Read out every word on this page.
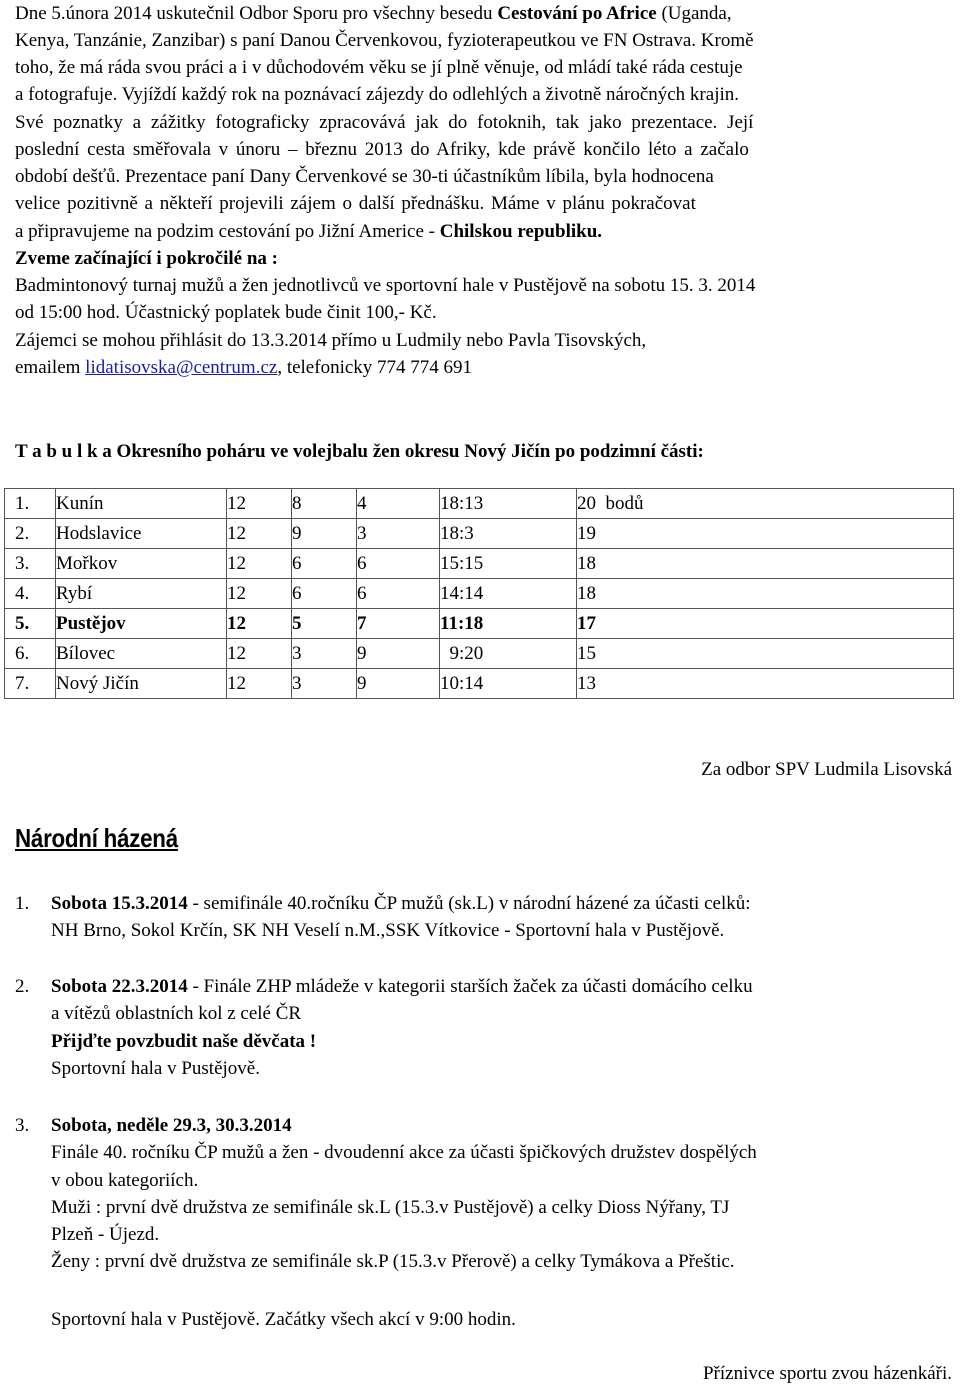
Dne 5.února 2014 uskutečnil Odbor Sporu pro všechny besedu Cestování po Africe (Uganda,
Kenya, Tanzánie, Zanzibar) s paní Danou Červenkovou, fyzioterapeutkou ve FN Ostrava. Kromě
toho, že má ráda svou práci a i v důchodovém věku se jí plně věnuje, od mládí také ráda cestuje
a fotografuje. Vyjíždí každý rok na poznávací zájezdy do odlehlých a životně náročných krajin.
Své poznatky a zážitky fotograficky zpracovává jak do fotoknih, tak jako prezentace. Její
poslední cesta směřovala v únoru – březnu 2013 do Afriky, kde právě končilo léto a začalo
období dešťů. Prezentace paní Dany Červenkové se 30-ti účastníkům líbila, byla hodnocena
velice pozitivně a někteří projevili zájem o další přednášku. Máme v plánu pokračovat
a připravujeme na podzim cestování po Jižní Americe - Chilskou republiku.
Zveme začínající i pokročilé na :
Badmintonový turnaj mužů a žen jednotlivců ve sportovní hale v Pustějově na sobotu 15. 3. 2014
od 15:00 hod. Účastnický poplatek bude činit 100,- Kč.
Zájemci se mohou přihlásit do 13.3.2014 přímo u Ludmily nebo Pavla Tisovských,
emailem lidatisovska@centrum.cz, telefonicky 774 774 691
T a b u l k a Okresního poháru ve volejbalu žen okresu Nový Jičín po podzimní části:
1.	Kunín	12	8	4	18:13	20  bodů
2.	Hodslavice	12	9	3	18:3	19
3.	Mořkov	12	6	6	15:15	18
4.	Rybí	12	6	6	14:14	18
5.	Pustějov	12	5	7	11:18	17
6.	Bílovec	12	3	9	9:20	15
7.	Nový Jičín	12	3	9	10:14	13
Za odbor SPV Ludmila Lisovská
Národní házená
1. Sobota 15.3.2014 - semifinále 40.ročníku ČP mužů (sk.L) v národní házené za účasti celků:
NH Brno, Sokol Krčín, SK NH Veselí n.M.,SSK Vítkovice - Sportovní hala v Pustějově.
2. Sobota 22.3.2014 - Finále ZHP mládeže v kategorii starších žaček za účasti domácího celku
a vítězů oblastních kol z celé ČR
Přijďte povzbudit naše děvčata !
Sportovní hala v Pustějově.
3. Sobota, neděle 29.3, 30.3.2014
Finále 40. ročníku ČP mužů a žen - dvoudenní akce za účasti špičkových družstev dospělých
v obou kategoriích.
Muži : první dvě družstva ze semifinále sk.L (15.3.v Pustějově) a celky Dioss Nýřany, TJ
Plzeň - Újezd.
Ženy : první dvě družstva ze semifinále sk.P (15.3.v Přerově) a celky Tymákova a Přeštic.
Sportovní hala v Pustějově. Začátky všech akcí v 9:00 hodin.
Příznivce sportu zvou házenkáři.
